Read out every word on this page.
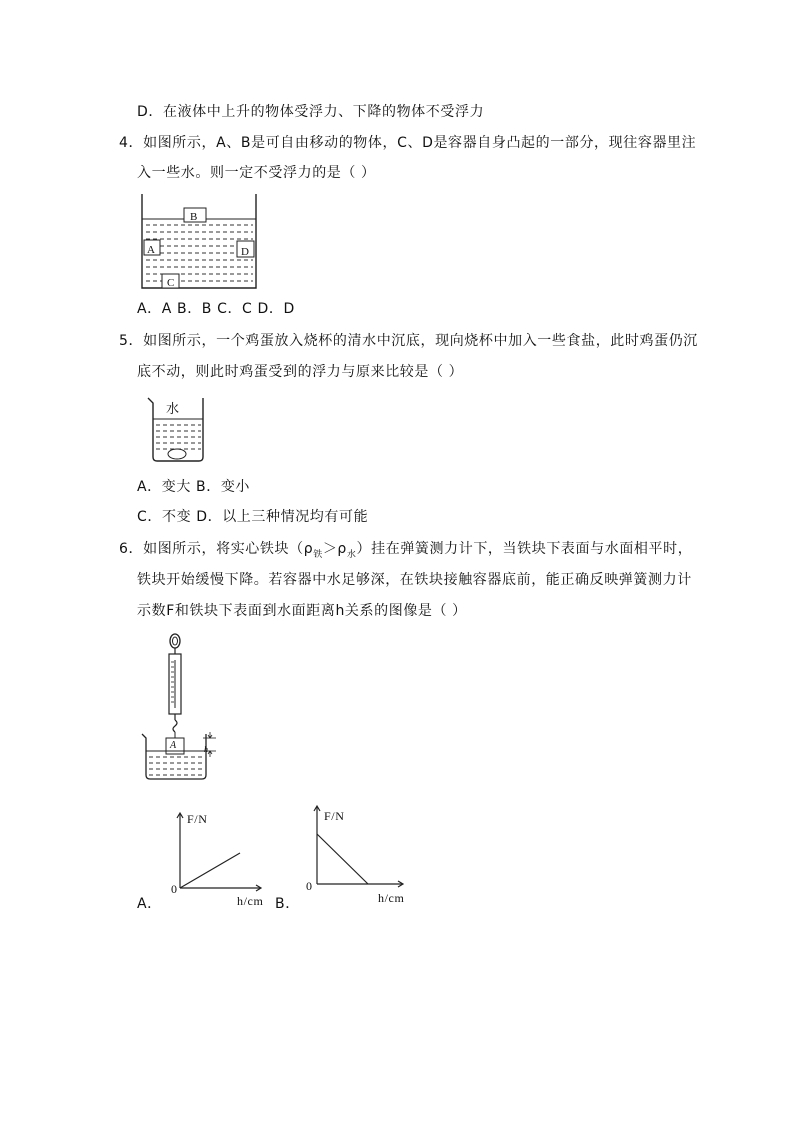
D．在液体中上升的物体受浮力、下降的物体不受浮力
4．如图所示，A、B是可自由移动的物体，C、D是容器自身凸起的一部分，现往容器里注
入一些水。则一定不受浮力的是（ ）
B
A	D
C
A．A B．B C．C D．D
5．如图所示，一个鸡蛋放入烧杯的清水中沉底，现向烧杯中加入一些食盐，此时鸡蛋仍沉
底不动，则此时鸡蛋受到的浮力与原来比较是（ ）
水
A．变大 B．变小
C．不变 D．以上三种情况均有可能
6．如图所示，将实心铁块$(\rho_铁>\rho_水)$挂在弹簧测力计下，当铁块下表面与水面相平时，
铁块开始缓慢下降。若容器中水足够深，在铁块接触容器底前，能正确反映弹簧测力计
示数F和铁块下表面到水面距离h关系的图像是（ ）
A	h
F/N
0
h/cm
A．
F/N
0
h/cm
B．
